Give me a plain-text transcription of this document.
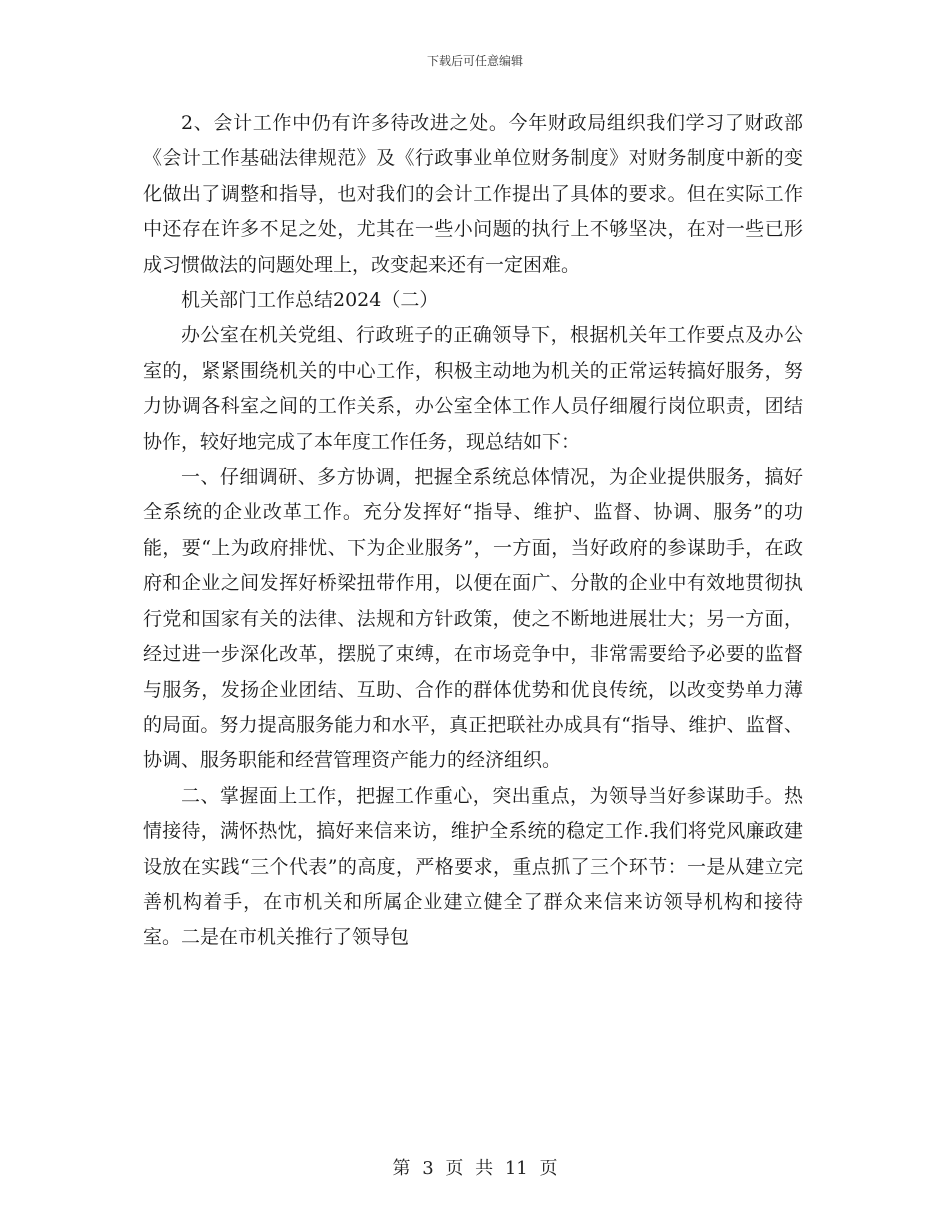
下载后可任意编辑

2、会计工作中仍有许多待改进之处。今年财政局组织我们学习了财政部《会计工作基础法律规范》及《行政事业单位财务制度》对财务制度中新的变化做出了调整和指导，也对我们的会计工作提出了具体的要求。但在实际工作中还存在许多不足之处，尤其在一些小问题的执行上不够坚决，在对一些已形成习惯做法的问题处理上，改变起来还有一定困难。

机关部门工作总结2024（二）

办公室在机关党组、行政班子的正确领导下，根据机关年工作要点及办公室的，紧紧围绕机关的中心工作，积极主动地为机关的正常运转搞好服务，努力协调各科室之间的工作关系，办公室全体工作人员仔细履行岗位职责，团结协作，较好地完成了本年度工作任务，现总结如下：

一、仔细调研、多方协调，把握全系统总体情况，为企业提供服务，搞好全系统的企业改革工作。充分发挥好“指导、维护、监督、协调、服务”的功能，要“上为政府排忧、下为企业服务”，一方面，当好政府的参谋助手，在政府和企业之间发挥好桥梁扭带作用，以便在面广、分散的企业中有效地贯彻执行党和国家有关的法律、法规和方针政策，使之不断地进展壮大；另一方面，经过进一步深化改革，摆脱了束缚，在市场竞争中，非常需要给予必要的监督与服务，发扬企业团结、互助、合作的群体优势和优良传统，以改变势单力薄的局面。努力提高服务能力和水平，真正把联社办成具有“指导、维护、监督、协调、服务职能和经营管理资产能力的经济组织。

二、掌握面上工作，把握工作重心，突出重点，为领导当好参谋助手。热情接待，满怀热忱，搞好来信来访，维护全系统的稳定工作.我们将党风廉政建设放在实践“三个代表”的高度，严格要求，重点抓了三个环节：一是从建立完善机构着手，在市机关和所属企业建立健全了群众来信来访领导机构和接待室。二是在市机关推行了领导包

第 3 页 共 11 页
